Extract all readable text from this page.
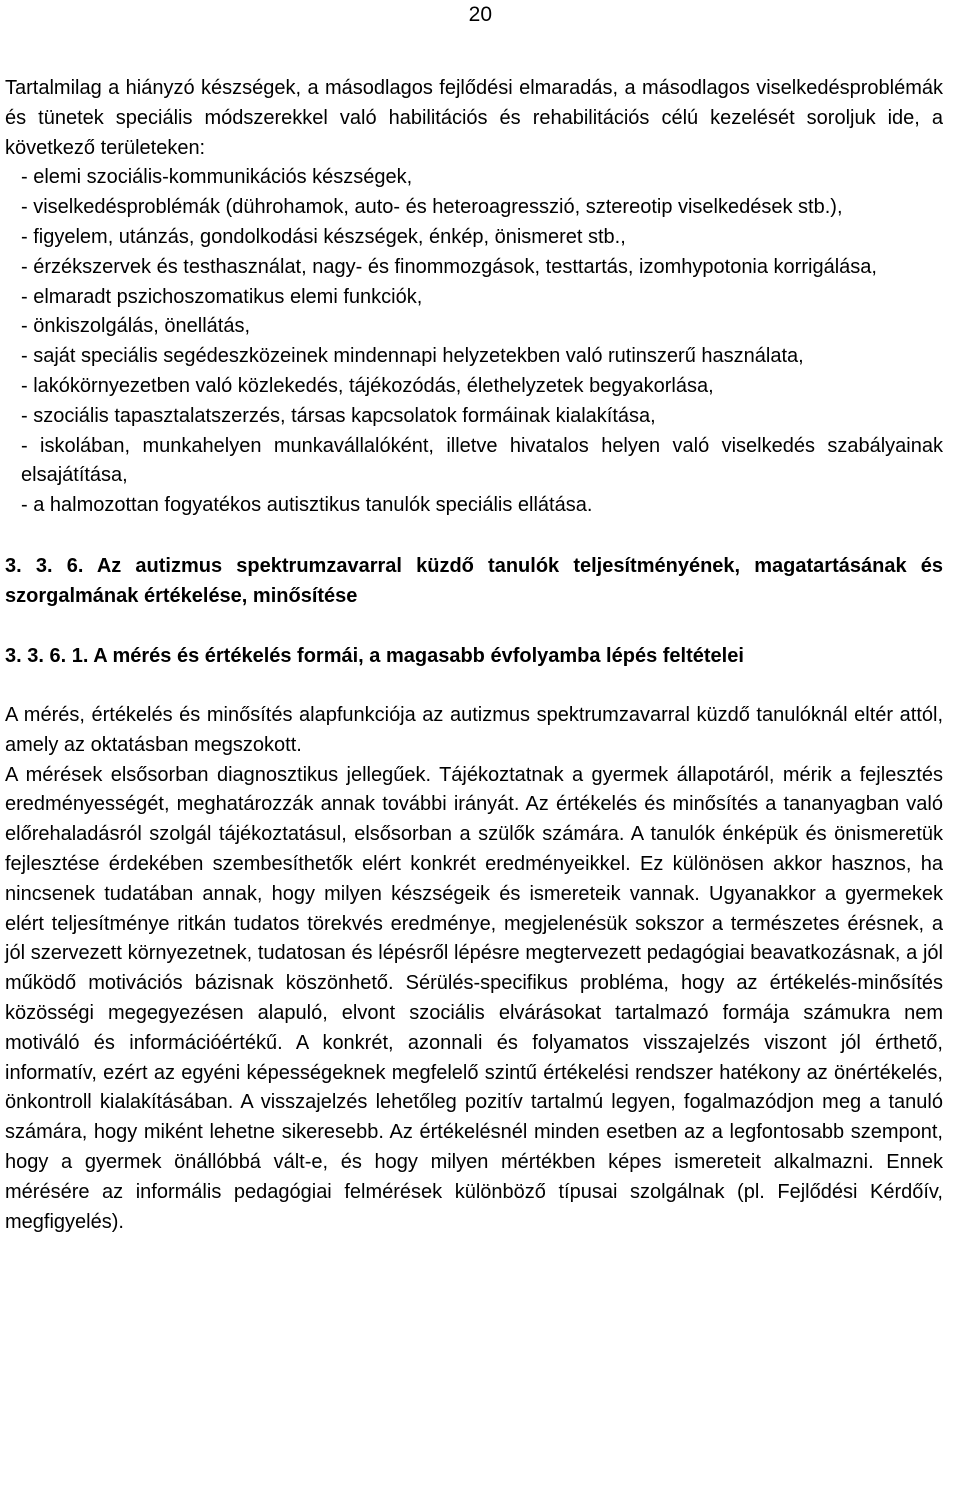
20

Tartalmilag a hiányzó készségek, a másodlagos fejlődési elmaradás, a másodlagos viselkedésproblémák és tünetek speciális módszerekkel való habilitációs és rehabilitációs célú kezelését soroljuk ide, a következő területeken:

- elemi szociális-kommunikációs készségek,
- viselkedésproblémák (dührohamok, auto- és heteroagresszió, sztereotip viselkedések stb.),
- figyelem, utánzás, gondolkodási készségek, énkép, önismeret stb.,
- érzékszervek és testhasználat, nagy- és finommozgások, testtartás, izomhypotonia korrigálása,
- elmaradt pszichoszomatikus elemi funkciók,
- önkiszolgálás, önellátás,
- saját speciális segédeszközeinek mindennapi helyzetekben való rutinszerű használata,
- lakókörnyezetben való közlekedés, tájékozódás, élethelyzetek begyakorlása,
- szociális tapasztalatszerzés, társas kapcsolatok formáinak kialakítása,
- iskolában, munkahelyen munkavállalóként, illetve hivatalos helyen való viselkedés szabályainak elsajátítása,
- a halmozottan fogyatékos autisztikus tanulók speciális ellátása.
3. 3. 6. Az autizmus spektrumzavarral küzdő tanulók teljesítményének, magatartásának és szorgalmának értékelése, minősítése
3. 3. 6. 1. A mérés és értékelés formái, a magasabb évfolyamba lépés feltételei

A mérés, értékelés és minősítés alapfunkciója az autizmus spektrumzavarral küzdő tanulóknál eltér attól, amely az oktatásban megszokott.

A mérések elsősorban diagnosztikus jellegűek. Tájékoztatnak a gyermek állapotáról, mérik a fejlesztés eredményességét, meghatározzák annak további irányát. Az értékelés és minősítés a tananyagban való előrehaladásról szolgál tájékoztatásul, elsősorban a szülők számára. A tanulók énképük és önismeretük fejlesztése érdekében szembesíthetők elért konkrét eredményeikkel. Ez különösen akkor hasznos, ha nincsenek tudatában annak, hogy milyen készségeik és ismereteik vannak. Ugyanakkor a gyermekek elért teljesítménye ritkán tudatos törekvés eredménye, megjelenésük sokszor a természetes érésnek, a jól szervezett környezetnek, tudatosan és lépésről lépésre megtervezett pedagógiai beavatkozásnak, a jól működő motivációs bázisnak köszönhető. Sérülés-specifikus probléma, hogy az értékelés-minősítés közösségi megegyezésen alapuló, elvont szociális elvárásokat tartalmazó formája számukra nem motiváló és információértékű. A konkrét, azonnali és folyamatos visszajelzés viszont jól érthető, informatív, ezért az egyéni képességeknek megfelelő szintű értékelési rendszer hatékony az önértékelés, önkontroll kialakításában. A visszajelzés lehetőleg pozitív tartalmú legyen, fogalmazódjon meg a tanuló számára, hogy miként lehetne sikeresebb. Az értékelésnél minden esetben az a legfontosabb szempont, hogy a gyermek önállóbbá vált-e, és hogy milyen mértékben képes ismereteit alkalmazni. Ennek mérésére az informális pedagógiai felmérések különböző típusai szolgálnak (pl. Fejlődési Kérdőív, megfigyelés).
